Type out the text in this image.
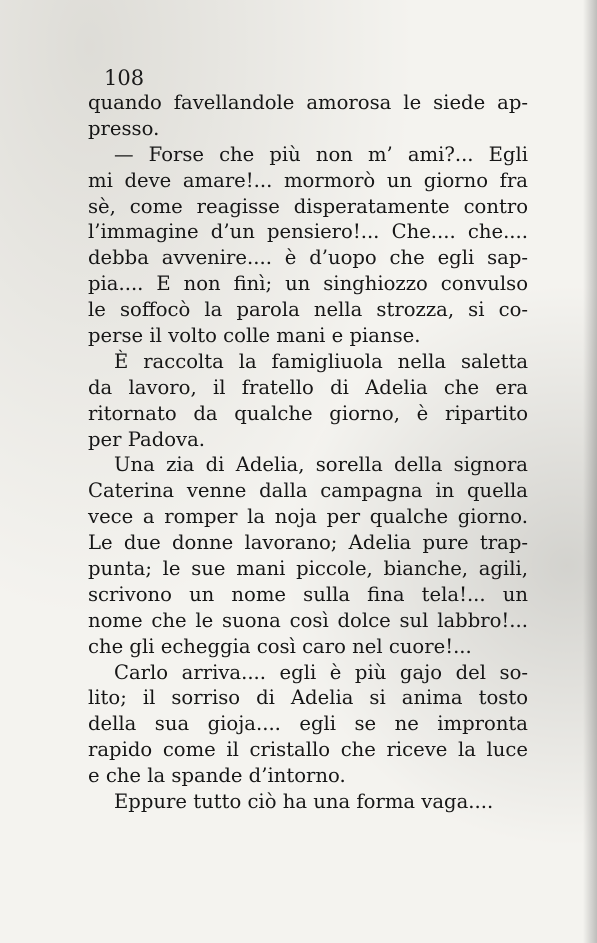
108
quando favellandole amorosa le siede ap-
presso.
— Forse che più non m’ ami?... Egli
mi deve amare!... mormorò un giorno fra
sè, come reagisse disperatamente contro
l’immagine d’un pensiero!... Che.... che....
debba avvenire.... è d’uopo che egli sap-
pia.... E non finì; un singhiozzo convulso
le soffocò la parola nella strozza, si co-
perse il volto colle mani e pianse.
È raccolta la famigliuola nella saletta
da lavoro, il fratello di Adelia che era
ritornato da qualche giorno, è ripartito
per Padova.
Una zia di Adelia, sorella della signora
Caterina venne dalla campagna in quella
vece a romper la noja per qualche giorno.
Le due donne lavorano; Adelia pure trap-
punta; le sue mani piccole, bianche, agili,
scrivono un nome sulla fina tela!... un
nome che le suona così dolce sul labbro!...
che gli echeggia così caro nel cuore!...
Carlo arriva.... egli è più gajo del so-
lito; il sorriso di Adelia si anima tosto
della sua gioja.... egli se ne impronta
rapido come il cristallo che riceve la luce
e che la spande d’intorno.
Eppure tutto ciò ha una forma vaga....
